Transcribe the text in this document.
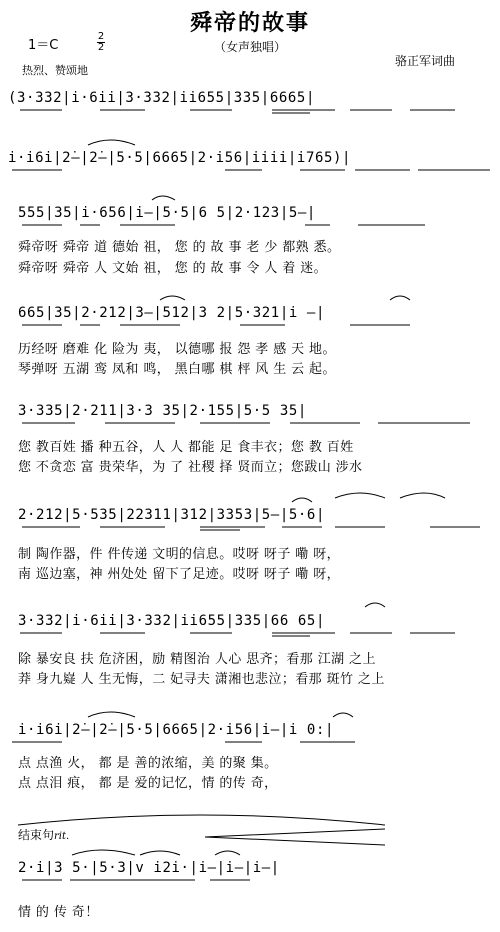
舜帝的故事
（女声独唱）
1＝C
2
2
热烈、赞颂地
骆正军词曲
(3·332|i·6ii|3·332|ii655|335|6665|
i·i6i|2̇—|2̇—|5·5|6665|2·i56|iiii|i765)|
555|35|i·656|i—|5·5|6 5|2·123|5—|
舜帝呀 舜帝 道 德始 祖， 您 的 故 事 老 少 都熟 悉。
舜帝呀 舜帝 人 文始 祖， 您 的 故 事 令 人 着 迷。
665|35|2·212|3—|512|3 2|5·321|i —|
历经呀 磨难 化 险为 夷， 以德哪 报 怨 孝 感 天 地。
琴弹呀 五湖 鸾 凤和 鸣， 黑白哪 棋 枰 风 生 云 起。
3·335|2·211|3·3 35|2·155|5·5 35|
您 教百姓 播 种五谷，人 人 都能 足 食丰衣；您 教 百姓
您 不贪恋 富 贵荣华，为 了 社稷 择 贤而立；您跋山 涉水
2·212|5·535|22311|312|3353|5—|5·6|
制 陶作器，件 件传递 文明的信息。哎呀 呀子 嘞 呀，
南 巡边塞，神 州处处 留下了足迹。哎呀 呀子 嘞 呀，
3·332|i·6ii|3·332|ii655|335|66 65|
除 暴安良 扶 危济困，励 精图治 人心 思齐；看那 江湖 之上
莽 身九嶷 人 生无悔，二 妃寻夫 潇湘也悲泣；看那 斑竹 之上
i·i6i|2̇—|2̇—|5·5|6665|2·i56|i—|i 0:|
点 点渔 火， 都 是 善的浓缩，美 的聚 集。
点 点泪 痕， 都 是 爱的记忆，情 的传 奇，
结束句rit.
2·i|3 5·|5·3|v i2i·|i—|i—|i—|
情 的 传 奇！
